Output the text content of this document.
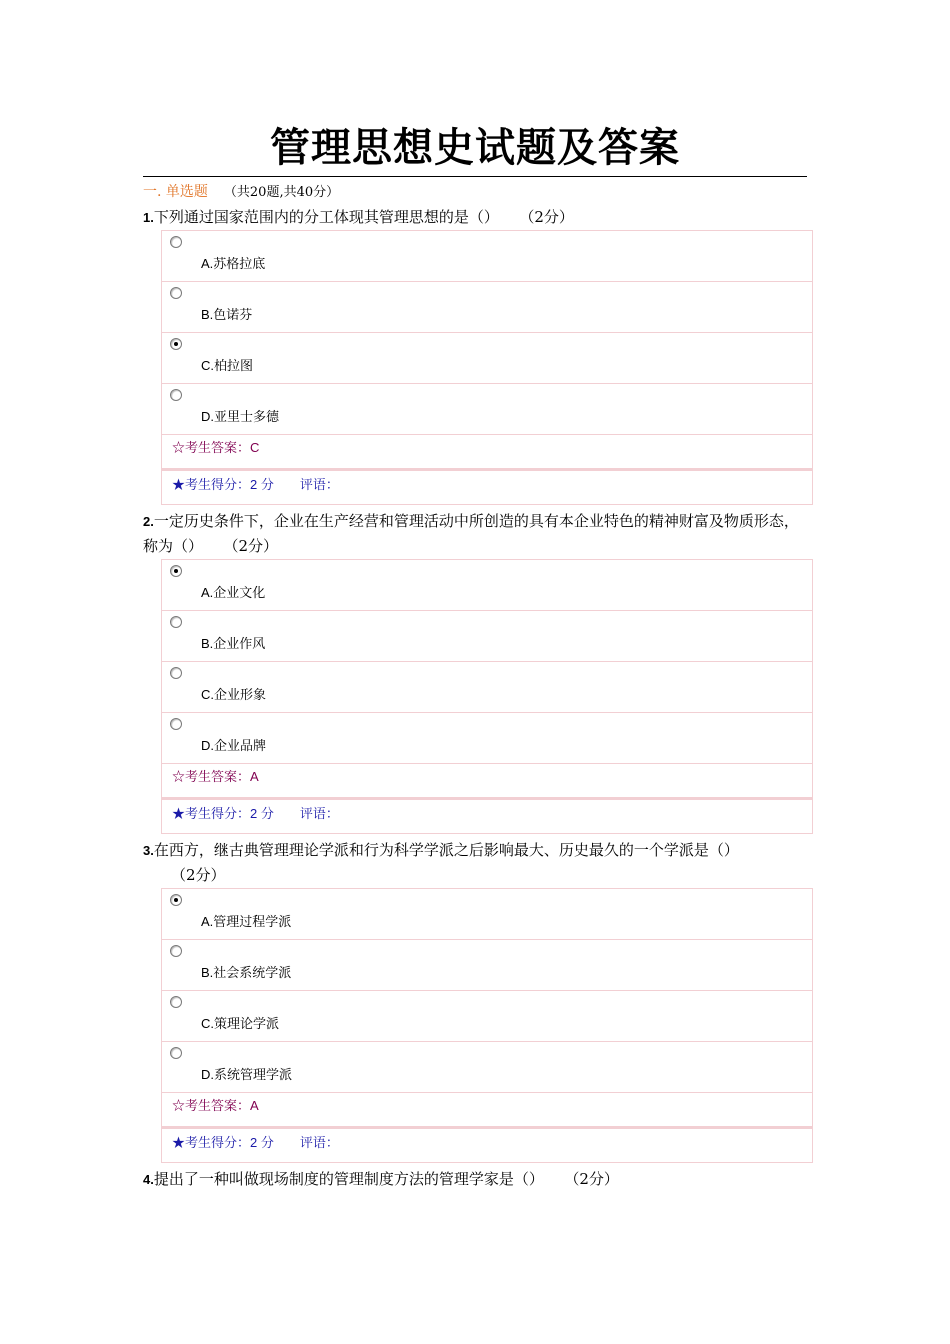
管理思想史试题及答案
一. 单选题 （共20题,共40分）
1.下列通过国家范围内的分工体现其管理思想的是（） （2分）
A.苏格拉底
B.色诺芬
C.柏拉图
D.亚里士多德
☆考生答案：C
★考生得分：2 分 评语：
2.一定历史条件下，企业在生产经营和管理活动中所创造的具有本企业特色的精神财富及物质形态，称为（） （2分）
A.企业文化
B.企业作风
C.企业形象
D.企业品牌
☆考生答案：A
★考生得分：2 分 评语：
3.在西方，继古典管理理论学派和行为科学学派之后影响最大、历史最久的一个学派是（）（2分）
A.管理过程学派
B.社会系统学派
C.策理论学派
D.系统管理学派
☆考生答案：A
★考生得分：2 分 评语：
4.提出了一种叫做现场制度的管理制度方法的管理学家是（） （2分）
